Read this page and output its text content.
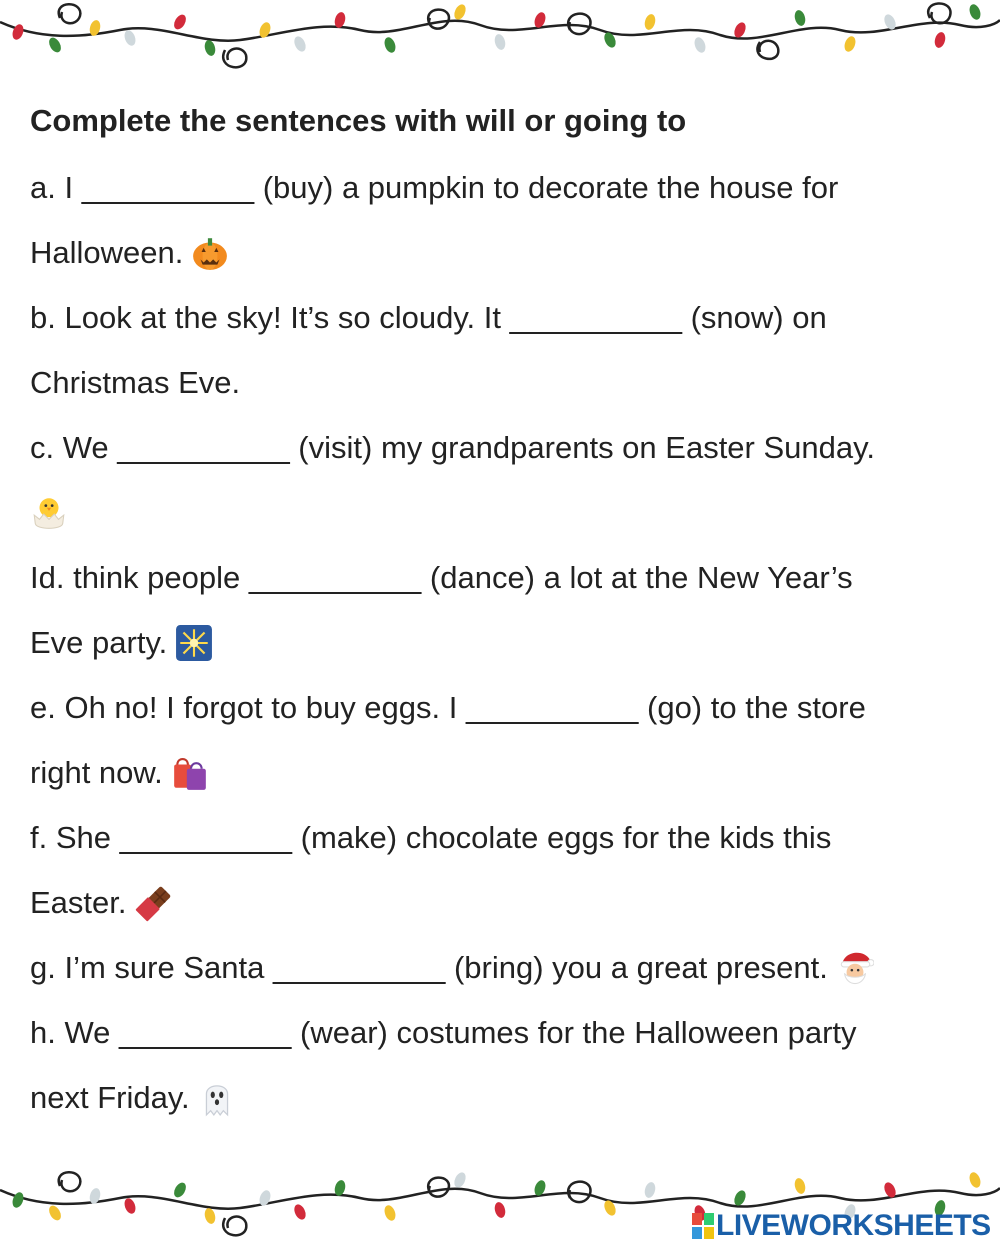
Complete the sentences with will or going to
a. I __________ (buy) a pumpkin to decorate the house for
Halloween.
b. Look at the sky! It’s so cloudy. It __________ (snow) on
Christmas Eve.
c. We __________ (visit) my grandparents on Easter Sunday.
Id. think people __________ (dance) a lot at the New Year’s
Eve party.
e. Oh no! I forgot to buy eggs. I __________ (go) to the store
right now.
f. She __________ (make) chocolate eggs for the kids this
Easter.
g. I’m sure Santa __________ (bring) you a great present.
h. We __________ (wear) costumes for the Halloween party
next Friday.
LIVEWORKSHEETS
